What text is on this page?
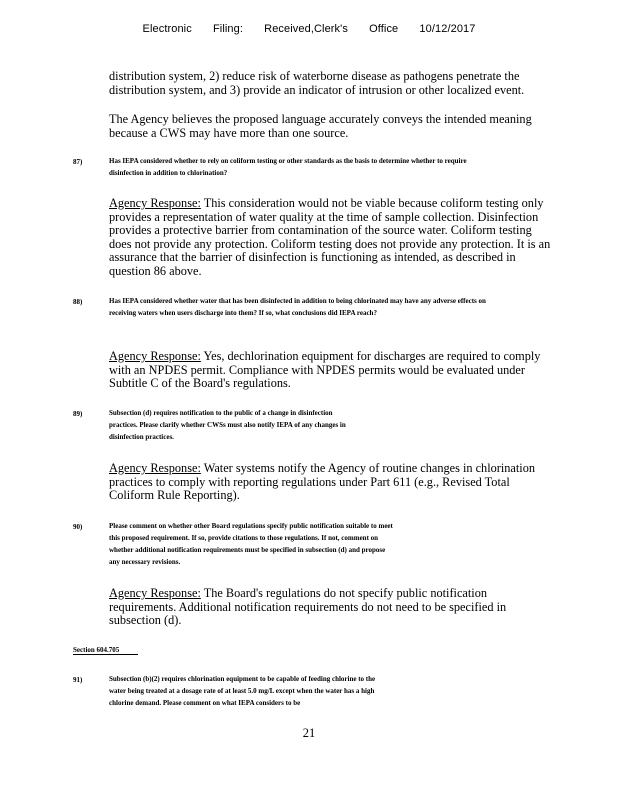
Electronic Filing: Received,Clerk's Office 10/12/2017
distribution system, 2) reduce risk of waterborne disease as pathogens penetrate the distribution system, and 3) provide an indicator of intrusion or other localized event.
The Agency believes the proposed language accurately conveys the intended meaning because a CWS may have more than one source.
87)	Has IEPA considered whether to rely on coliform testing or other standards as the basis to determine whether to require disinfection in addition to chlorination?
Agency Response: This consideration would not be viable because coliform testing only provides a representation of water quality at the time of sample collection. Disinfection provides a protective barrier from contamination of the source water. Coliform testing does not provide any protection. Coliform testing does not provide any protection. It is an assurance that the barrier of disinfection is functioning as intended, as described in question 86 above.
88)	Has IEPA considered whether water that has been disinfected in addition to being chlorinated may have any adverse effects on receiving waters when users discharge into them? If so, what conclusions did IEPA reach?
Agency Response: Yes, dechlorination equipment for discharges are required to comply with an NPDES permit. Compliance with NPDES permits would be evaluated under Subtitle C of the Board's regulations.
89)	Subsection (d) requires notification to the public of a change in disinfection practices. Please clarify whether CWSs must also notify IEPA of any changes in disinfection practices.
Agency Response: Water systems notify the Agency of routine changes in chlorination practices to comply with reporting regulations under Part 611 (e.g., Revised Total Coliform Rule Reporting).
90)	Please comment on whether other Board regulations specify public notification suitable to meet this proposed requirement. If so, provide citations to those regulations. If not, comment on whether additional notification requirements must be specified in subsection (d) and propose any necessary revisions.
Agency Response: The Board's regulations do not specify public notification requirements. Additional notification requirements do not need to be specified in subsection (d).
Section 604.705
91)	Subsection (b)(2) requires chlorination equipment to be capable of feeding chlorine to the water being treated at a dosage rate of at least 5.0 mg/L except when the water has a high chlorine demand. Please comment on what IEPA considers to be
21
